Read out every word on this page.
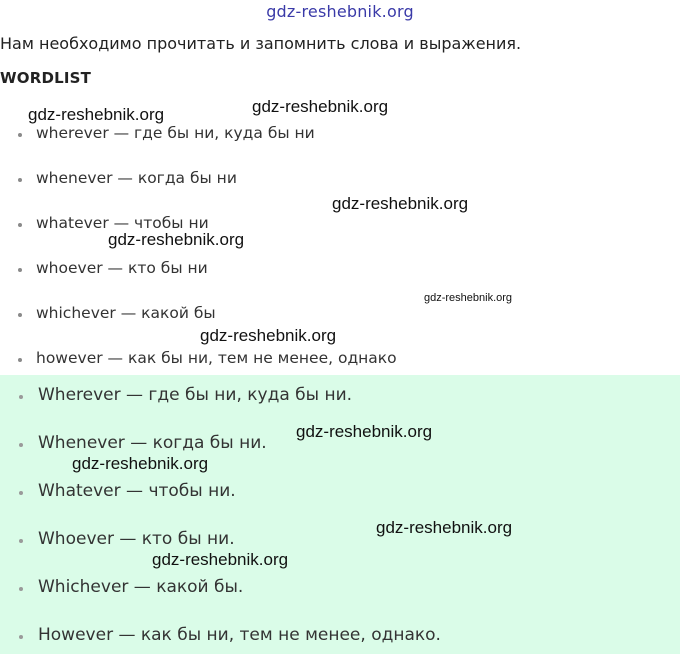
gdz-reshebnik.org
Нам необходимо прочитать и запомнить слова и выражения.
WORDLIST
wherever — где бы ни, куда бы ни
whenever — когда бы ни
whatever — чтобы ни
whoever — кто бы ни
whichever — какой бы
however — как бы ни, тем не менее, однако
Wherever — где бы ни, куда бы ни.
Whenever — когда бы ни.
Whatever — чтобы ни.
Whoever — кто бы ни.
Whichever — какой бы.
However — как бы ни, тем не менее, однако.
gdz-reshebnik.org	gdz-reshebnik.org
gdz-reshebnik.org
gdz-reshebnik.org
gdz-reshebnik.org
gdz-reshebnik.org
gdz-reshebnik.org
gdz-reshebnik.org
gdz-reshebnik.org
gdz-reshebnik.org
